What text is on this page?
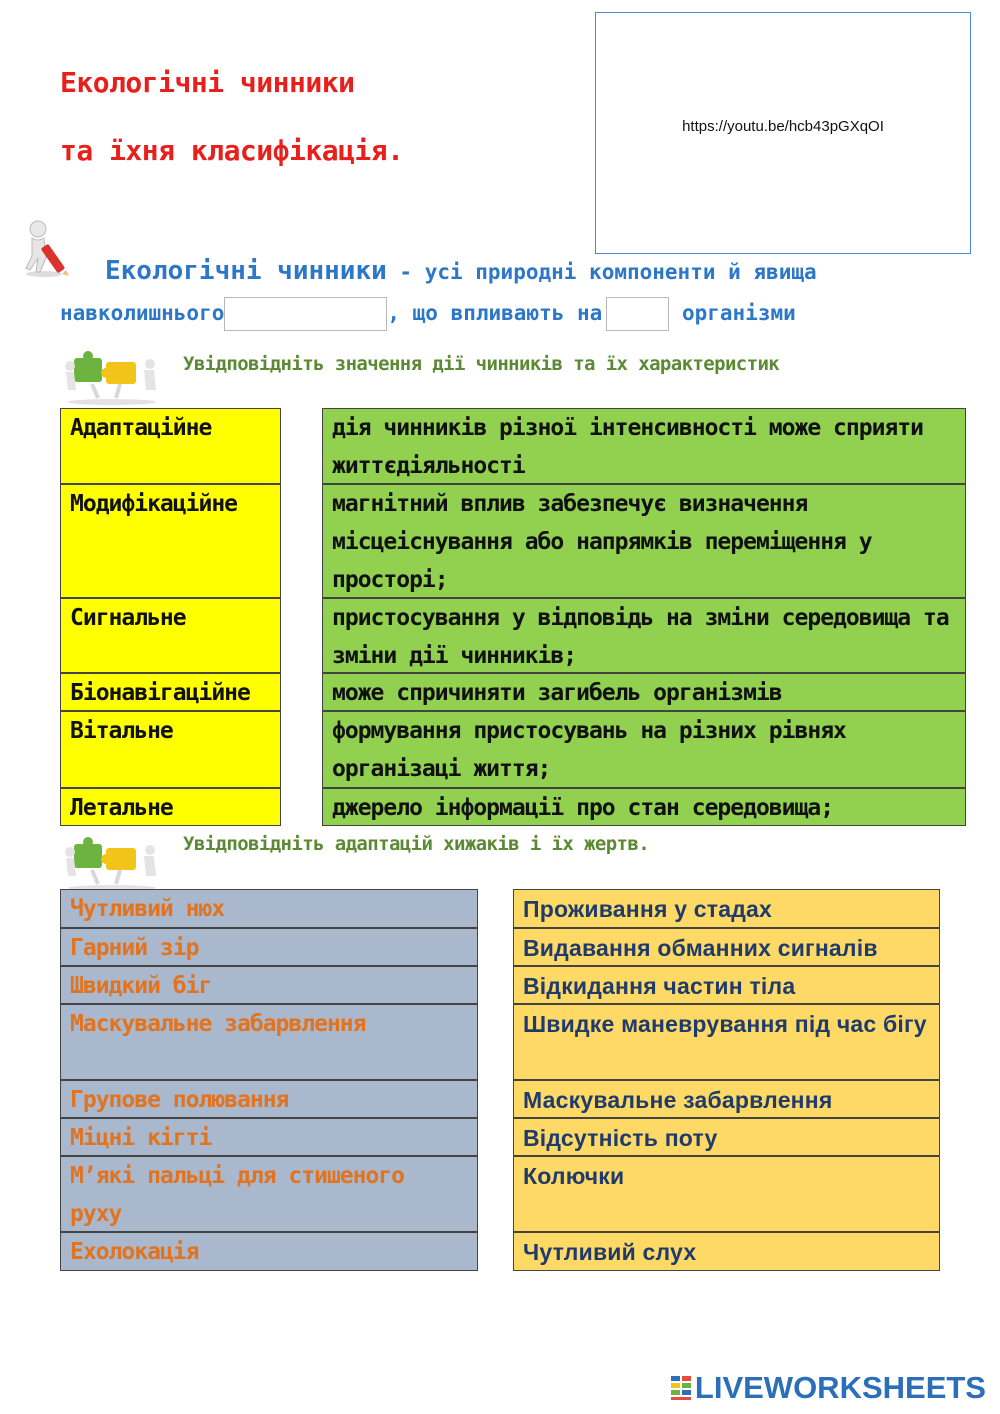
Екологічні чинники
та їхня класифікація.
https://youtu.be/hcb43pGXqOI
Екологічні чинники - усі природні компоненти й явища
навколишнього	, що впливають на	організми
Увідповідніть значення дії чинників та їх характеристик
Адаптаційне
Модифікаційне
Сигнальне
Біонавігаційне
Вітальне
Летальне
дія чинників різної інтенсивності може сприяти життєдіяльності
магнітний вплив забезпечує визначення місцеіснування або напрямків переміщення у просторі;
пристосування у відповідь на зміни середовища та зміни дії чинників;
може спричиняти загибель організмів
формування пристосувань на різних рівнях організаці життя;
джерело інформації про стан середовища;
Увідповідніть адаптацій хижаків і їх жертв.
Чутливий нюх
Гарний зір
Швидкий біг
Маскувальне забарвлення
Групове полювання
Міцні кігті
М’які пальці для стишеного руху
Ехолокація
Проживання у стадах
Видавання обманних сигналів
Відкидання частин тіла
Швидке маневрування під час бігу
Маскувальне забарвлення
Відсутність поту
Колючки
Чутливий слух
LIVEWORKSHEETS
